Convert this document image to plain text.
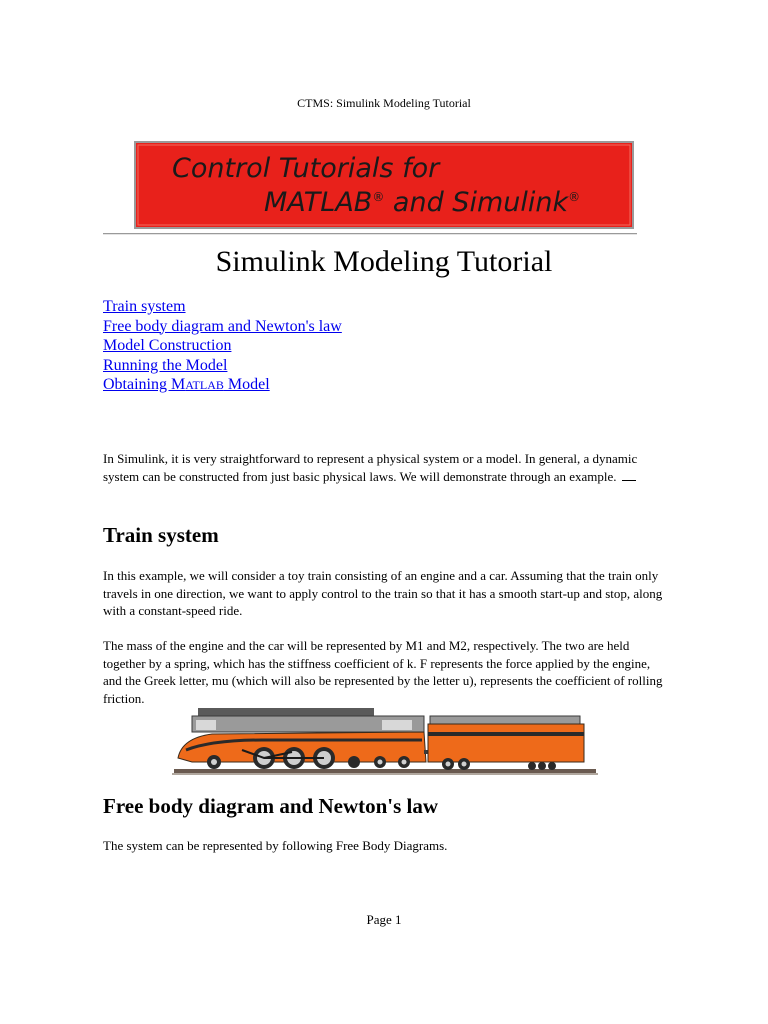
CTMS: Simulink Modeling Tutorial
Control Tutorials for
MATLAB® and Simulink®
Simulink Modeling Tutorial
Train system
Free body diagram and Newton's law
Model Construction
Running the Model
Obtaining MATLAB Model

In Simulink, it is very straightforward to represent a physical system or a model. In general, a dynamic system can be constructed from just basic physical laws. We will demonstrate through an example.

Train system

In this example, we will consider a toy train consisting of an engine and a car. Assuming that the train only travels in one direction, we want to apply control to the train so that it has a smooth start-up and stop, along with a constant-speed ride.

The mass of the engine and the car will be represented by M1 and M2, respectively. The two are held together by a spring, which has the stiffness coefficient of k. F represents the force applied by the engine, and the Greek letter, mu (which will also be represented by the letter u), represents the coefficient of rolling friction.

Free body diagram and Newton's law

The system can be represented by following Free Body Diagrams.

Page 1
